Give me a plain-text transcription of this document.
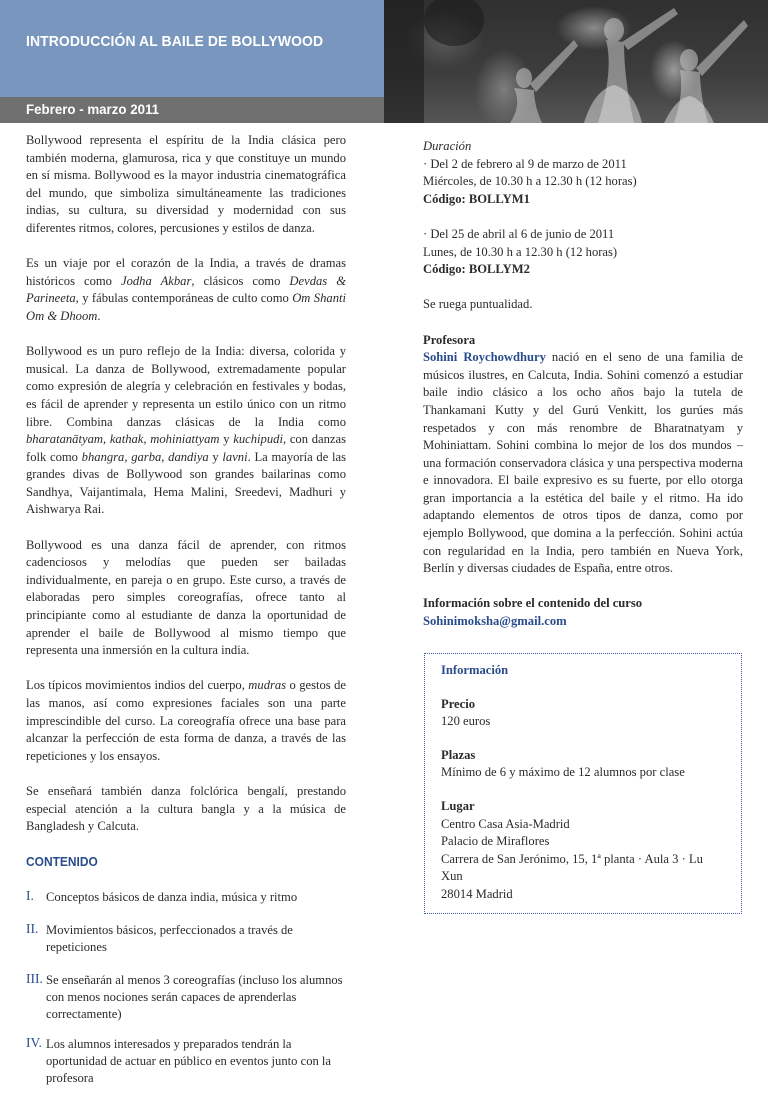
INTRODUCCIÓN AL BAILE DE BOLLYWOOD
Febrero - marzo 2011

Bollywood representa el espíritu de la India clásica pero también moderna, glamurosa, rica y que constituye un mundo en sí misma. Bollywood es la mayor industria cinematográfica del mundo, que simboliza simultáneamente las tradiciones indias, su cultura, su diversidad y modernidad con sus diferentes ritmos, colores, percusiones y estilos de danza.

Es un viaje por el corazón de la India, a través de dramas históricos como Jodha Akbar, clásicos como Devdas & Parineeta, y fábulas contemporáneas de culto como Om Shanti Om & Dhoom.

Bollywood es un puro reflejo de la India: diversa, colorida y musical. La danza de Bollywood, extremadamente popular como expresión de alegría y celebración en festivales y bodas, es fácil de aprender y representa un estilo único con un ritmo libre. Combina danzas clásicas de la India como bharatanātyam, kathak, mohiniattyam y kuchipudi, con danzas folk como bhangra, garba, dandiya y lavni. La mayoría de las grandes divas de Bollywood son grandes bailarinas como Sandhya, Vaijantimala, Hema Malini, Sreedevi, Madhuri y Aishwarya Rai.

Bollywood es una danza fácil de aprender, con ritmos cadenciosos y melodías que pueden ser bailadas individualmente, en pareja o en grupo. Este curso, a través de elaboradas pero simples coreografías, ofrece tanto al principiante como al estudiante de danza la oportunidad de aprender el baile de Bollywood al mismo tiempo que representa una inmersión en la cultura india.

Los típicos movimientos indios del cuerpo, mudras o gestos de las manos, así como expresiones faciales son una parte imprescindible del curso. La coreografía ofrece una base para alcanzar la perfección de esta forma de danza, a través de las repeticiones y los ensayos.

Se enseñará también danza folclórica bengalí, prestando especial atención a la cultura bangla y a la música de Bangladesh y Calcuta.

CONTENIDO
I. Conceptos básicos de danza india, música y ritmo
II. Movimientos básicos, perfeccionados a través de repeticiones
III. Se enseñarán al menos 3 coreografías (incluso los alumnos con menos nociones serán capaces de aprenderlas correctamente)
IV. Los alumnos interesados y preparados tendrán la oportunidad de actuar en público en eventos junto con la profesora
Duración
· Del 2 de febrero al 9 de marzo de 2011
Miércoles, de 10.30 h a 12.30 h (12 horas)
Código: BOLLYM1
· Del 25 de abril al 6 de junio de 2011
Lunes, de 10.30 h a 12.30 h (12 horas)
Código: BOLLYM2
Se ruega puntualidad.
Profesora

Sohini Roychowdhury nació en el seno de una familia de músicos ilustres, en Calcuta, India. Sohini comenzó a estudiar baile indio clásico a los ocho años bajo la tutela de Thankamani Kutty y del Gurú Venkitt, los gurúes más respetados y con más renombre de Bharatnatyam y Mohiniattam. Sohini combina lo mejor de los dos mundos –una formación conservadora clásica y una perspectiva moderna e innovadora. El baile expresivo es su fuerte, por ello otorga gran importancia a la estética del baile y el ritmo. Ha ido adaptando elementos de otros tipos de danza, como por ejemplo Bollywood, que domina a la perfección. Sohini actúa con regularidad en la India, pero también en Nueva York, Berlín y diversas ciudades de España, entre otros.

Información sobre el contenido del curso
Sohinimoksha@gmail.com
Información
Precio
120 euros
Plazas
Mínimo de 6 y máximo de 12 alumnos por clase
Lugar
Centro Casa Asia-Madrid
Palacio de Miraflores
Carrera de San Jerónimo, 15, 1ª planta · Aula 3 · Lu Xun
28014 Madrid
